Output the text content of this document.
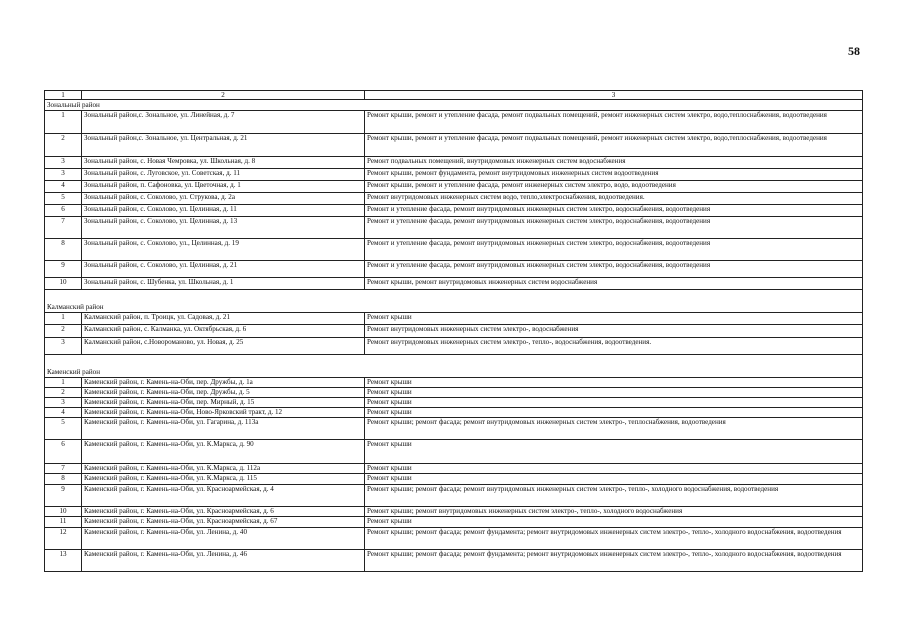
58
1	2	3
Зональный район		
1	Зональный район,с. Зональное, ул. Линейная, д. 7	Ремонт крыши, ремонт и утепление фасада, ремонт подвальных помещений, ремонт инженерных систем электро, водо,теплоснабжения, водоотведения
2	Зональный район,с. Зональное, ул. Центральная, д. 21	Ремонт крыши, ремонт и утепление фасада, ремонт подвальных помещений, ремонт инженерных систем электро, водо,теплоснабжения, водоотведения
3	Зональный район, с. Новая Чемровка, ул. Школьная, д. 8	Ремонт подвальных помещений, внутридомовых инженерных систем водоснабжения
3	Зональный район, с. Луговское, ул. Советская, д. 11	Ремонт крыши, ремонт фундамента, ремонт внутридомовых инженерных систем водоотведения
4	Зональный район, п. Сафоновка, ул. Цветочная, д. 1	Ремонт крыши, ремонт и утепление фасада, ремонт инженерных систем электро, водо, водоотведения
5	Зональный район, с. Соколово, ул. Струкова, д. 2а	Ремонт внутридомовых инженерных систем водо, тепло,электроснабжения, водоотведения.
6	Зональный район, с. Соколово, ул. Целинная, д. 11	Ремонт и утепление фасада, ремонт внутридомовых инженерных систем электро, водоснабжения, водоотведения
7	Зональный район, с. Соколово, ул. Целинная, д. 13	Ремонт и утепление фасада, ремонт внутридомовых инженерных систем электро, водоснабжения, водоотведения
8	Зональный район, с. Соколово, ул., Целинная, д. 19	Ремонт и утепление фасада, ремонт внутридомовых инженерных систем электро, водоснабжения, водоотведения
9	Зональный район, с. Соколово, ул. Целинная, д. 21	Ремонт и утепление фасада, ремонт внутридомовых инженерных систем электро, водоснабжения, водоотведения
10	Зональный район, с. Шубенка, ул. Школьная, д. 1	Ремонт крыши, ремонт внутридомовых инженерных систем водоснабжения
Калманский район		
1	Калманский район, п. Троицк, ул. Садовая, д. 21	Ремонт крыши
2	Калманский район, с. Калманка, ул. Октябрьская, д. 6	Ремонт внутридомовых инженерных систем электро-, водоснабжения
3	Калманский район, с.Новороманово, ул. Новая, д. 25	Ремонт внутридомовых инженерных систем электро-, тепло-, водоснабжения, водоотведения.
Каменский район		
1	Каменский район, г. Камень-на-Оби, пер. Дружбы, д. 1а	Ремонт крыши
2	Каменский район, г. Камень-на-Оби, пер. Дружбы, д. 5	Ремонт крыши
3	Каменский район, г. Камень-на-Оби, пер. Мирный, д. 15	Ремонт крыши
4	Каменский район, г. Камень-на-Оби, Ново-Ярковский тракт, д. 12	Ремонт крыши
5	Каменский район, г. Камень-на-Оби, ул. Гагарина, д. 113а	Ремонт крыши; ремонт фасада; ремонт внутридомовых инженерных систем электро-, теплоснабжения, водоотведения
6	Каменский район, г. Камень-на-Оби, ул. К.Маркса, д. 90	Ремонт крыши
7	Каменский район, г. Камень-на-Оби, ул. К.Маркса, д. 112а	Ремонт крыши
8	Каменский район, г. Камень-на-Оби, ул. К.Маркса, д. 115	Ремонт крыши
9	Каменский район, г. Камень-на-Оби, ул. Красноармейская, д. 4	Ремонт крыши; ремонт фасада; ремонт внутридомовых инженерных систем электро-, тепло-, холодного водоснабжения, водоотведения
10	Каменский район, г. Камень-на-Оби, ул. Красноармейская, д. 6	Ремонт крыши; ремонт внутридомовых инженерных систем электро-, тепло-, холодного водоснабжения
11	Каменский район, г. Камень-на-Оби, ул. Красноармейская, д. 67	Ремонт крыши
12	Каменский район, г. Камень-на-Оби, ул. Ленина, д. 40	Ремонт крыши; ремонт фасада; ремонт фундамента; ремонт внутридомовых инженерных систем электро-, тепло-, холодного водоснабжения, водоотведения
13	Каменский район, г. Камень-на-Оби, ул. Ленина, д. 46	Ремонт крыши; ремонт фасада; ремонт фундамента; ремонт внутридомовых инженерных систем электро-, тепло-, холодного водоснабжения, водоотведения
